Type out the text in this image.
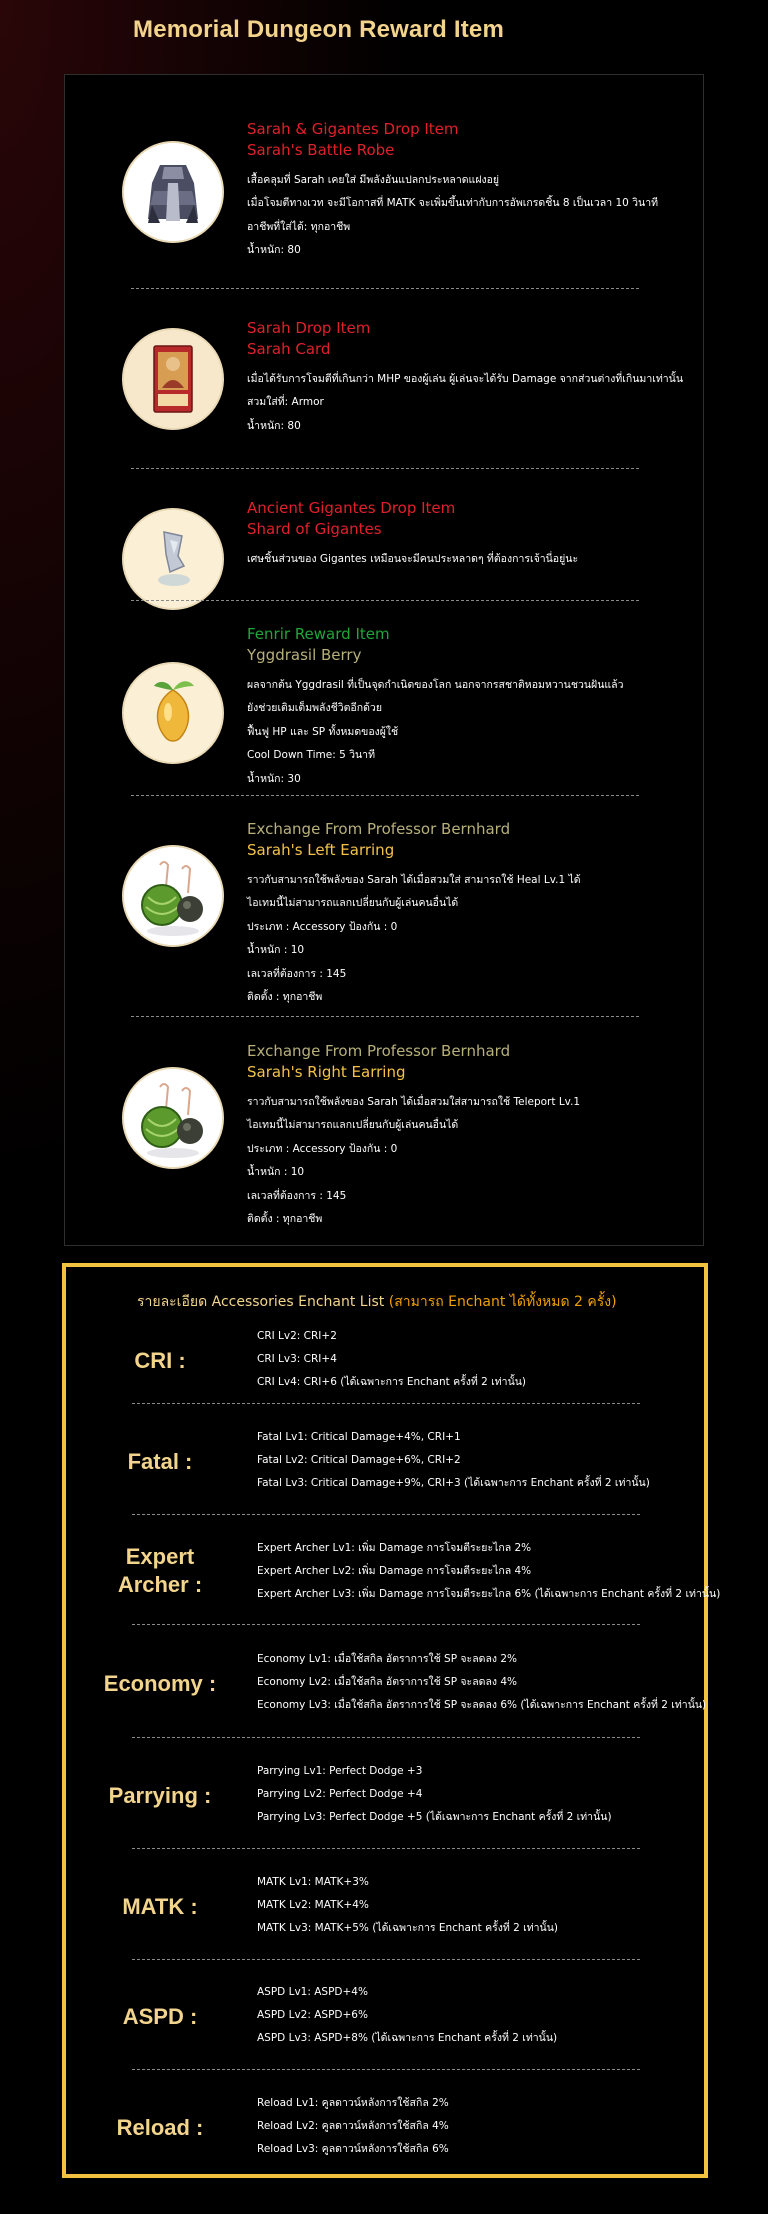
Memorial Dungeon Reward Item

Sarah & Gigantes Drop Item

Sarah's Battle Robe

เสื้อคลุมที่ Sarah เคยใส่ มีพลังอันแปลกประหลาดแฝงอยู่

เมื่อโจมตีทางเวท จะมีโอกาสที่ MATK จะเพิ่มขึ้นเท่ากับการอัพเกรดชิ้น 8 เป็นเวลา 10 วินาที

อาชีพที่ใส่ได้: ทุกอาชีพ

น้ำหนัก: 80

Sarah Drop Item

Sarah Card

เมื่อได้รับการโจมตีที่เกินกว่า MHP ของผู้เล่น ผู้เล่นจะได้รับ Damage จากส่วนต่างที่เกินมาเท่านั้น

สวมใส่ที่: Armor

น้ำหนัก: 80

Ancient Gigantes Drop Item

Shard of Gigantes

เศษชิ้นส่วนของ Gigantes เหมือนจะมีคนประหลาดๆ ที่ต้องการเจ้านี่อยู่นะ

Fenrir Reward Item

Yggdrasil Berry

ผลจากต้น Yggdrasil ที่เป็นจุดกำเนิดของโลก นอกจากรสชาติหอมหวานชวนฝันแล้ว

ยังช่วยเติมเต็มพลังชีวิตอีกด้วย

ฟื้นฟู HP และ SP ทั้งหมดของผู้ใช้

Cool Down Time: 5 วินาที

น้ำหนัก: 30

Exchange From Professor Bernhard

Sarah's Left Earring

ราวกับสามารถใช้พลังของ Sarah ได้เมื่อสวมใส่ สามารถใช้ Heal Lv.1 ได้

ไอเทมนี้ไม่สามารถแลกเปลี่ยนกับผู้เล่นคนอื่นได้

ประเภท : Accessory ป้องกัน : 0

น้ำหนัก : 10

เลเวลที่ต้องการ : 145

ติดตั้ง : ทุกอาชีพ

Exchange From Professor Bernhard

Sarah's Right Earring

ราวกับสามารถใช้พลังของ Sarah ได้เมื่อสวมใส่สามารถใช้ Teleport Lv.1

ไอเทมนี้ไม่สามารถแลกเปลี่ยนกับผู้เล่นคนอื่นได้

ประเภท : Accessory ป้องกัน : 0

น้ำหนัก : 10

เลเวลที่ต้องการ : 145

ติดตั้ง : ทุกอาชีพ

รายละเอียด Accessories Enchant List (สามารถ Enchant ได้ทั้งหมด 2 ครั้ง)
CRI :

CRI Lv2: CRI+2

CRI Lv3: CRI+4

CRI Lv4: CRI+6 (ได้เฉพาะการ Enchant ครั้งที่ 2 เท่านั้น)

Fatal :

Fatal Lv1: Critical Damage+4%, CRI+1

Fatal Lv2: Critical Damage+6%, CRI+2

Fatal Lv3: Critical Damage+9%, CRI+3 (ได้เฉพาะการ Enchant ครั้งที่ 2 เท่านั้น)

Expert Archer :

Expert Archer Lv1: เพิ่ม Damage การโจมตีระยะไกล 2%

Expert Archer Lv2: เพิ่ม Damage การโจมตีระยะไกล 4%

Expert Archer Lv3: เพิ่ม Damage การโจมตีระยะไกล 6% (ได้เฉพาะการ Enchant ครั้งที่ 2 เท่านั้น)

Economy :

Economy Lv1: เมื่อใช้สกิล อัตราการใช้ SP จะลดลง 2%

Economy Lv2: เมื่อใช้สกิล อัตราการใช้ SP จะลดลง 4%

Economy Lv3: เมื่อใช้สกิล อัตราการใช้ SP จะลดลง 6% (ได้เฉพาะการ Enchant ครั้งที่ 2 เท่านั้น)

Parrying :

Parrying Lv1: Perfect Dodge +3

Parrying Lv2: Perfect Dodge +4

Parrying Lv3: Perfect Dodge +5 (ได้เฉพาะการ Enchant ครั้งที่ 2 เท่านั้น)

MATK :

MATK Lv1: MATK+3%

MATK Lv2: MATK+4%

MATK Lv3: MATK+5% (ได้เฉพาะการ Enchant ครั้งที่ 2 เท่านั้น)

ASPD :

ASPD Lv1: ASPD+4%

ASPD Lv2: ASPD+6%

ASPD Lv3: ASPD+8% (ได้เฉพาะการ Enchant ครั้งที่ 2 เท่านั้น)

Reload :

Reload Lv1: คูลดาวน์หลังการใช้สกิล 2%

Reload Lv2: คูลดาวน์หลังการใช้สกิล 4%

Reload Lv3: คูลดาวน์หลังการใช้สกิล 6%
